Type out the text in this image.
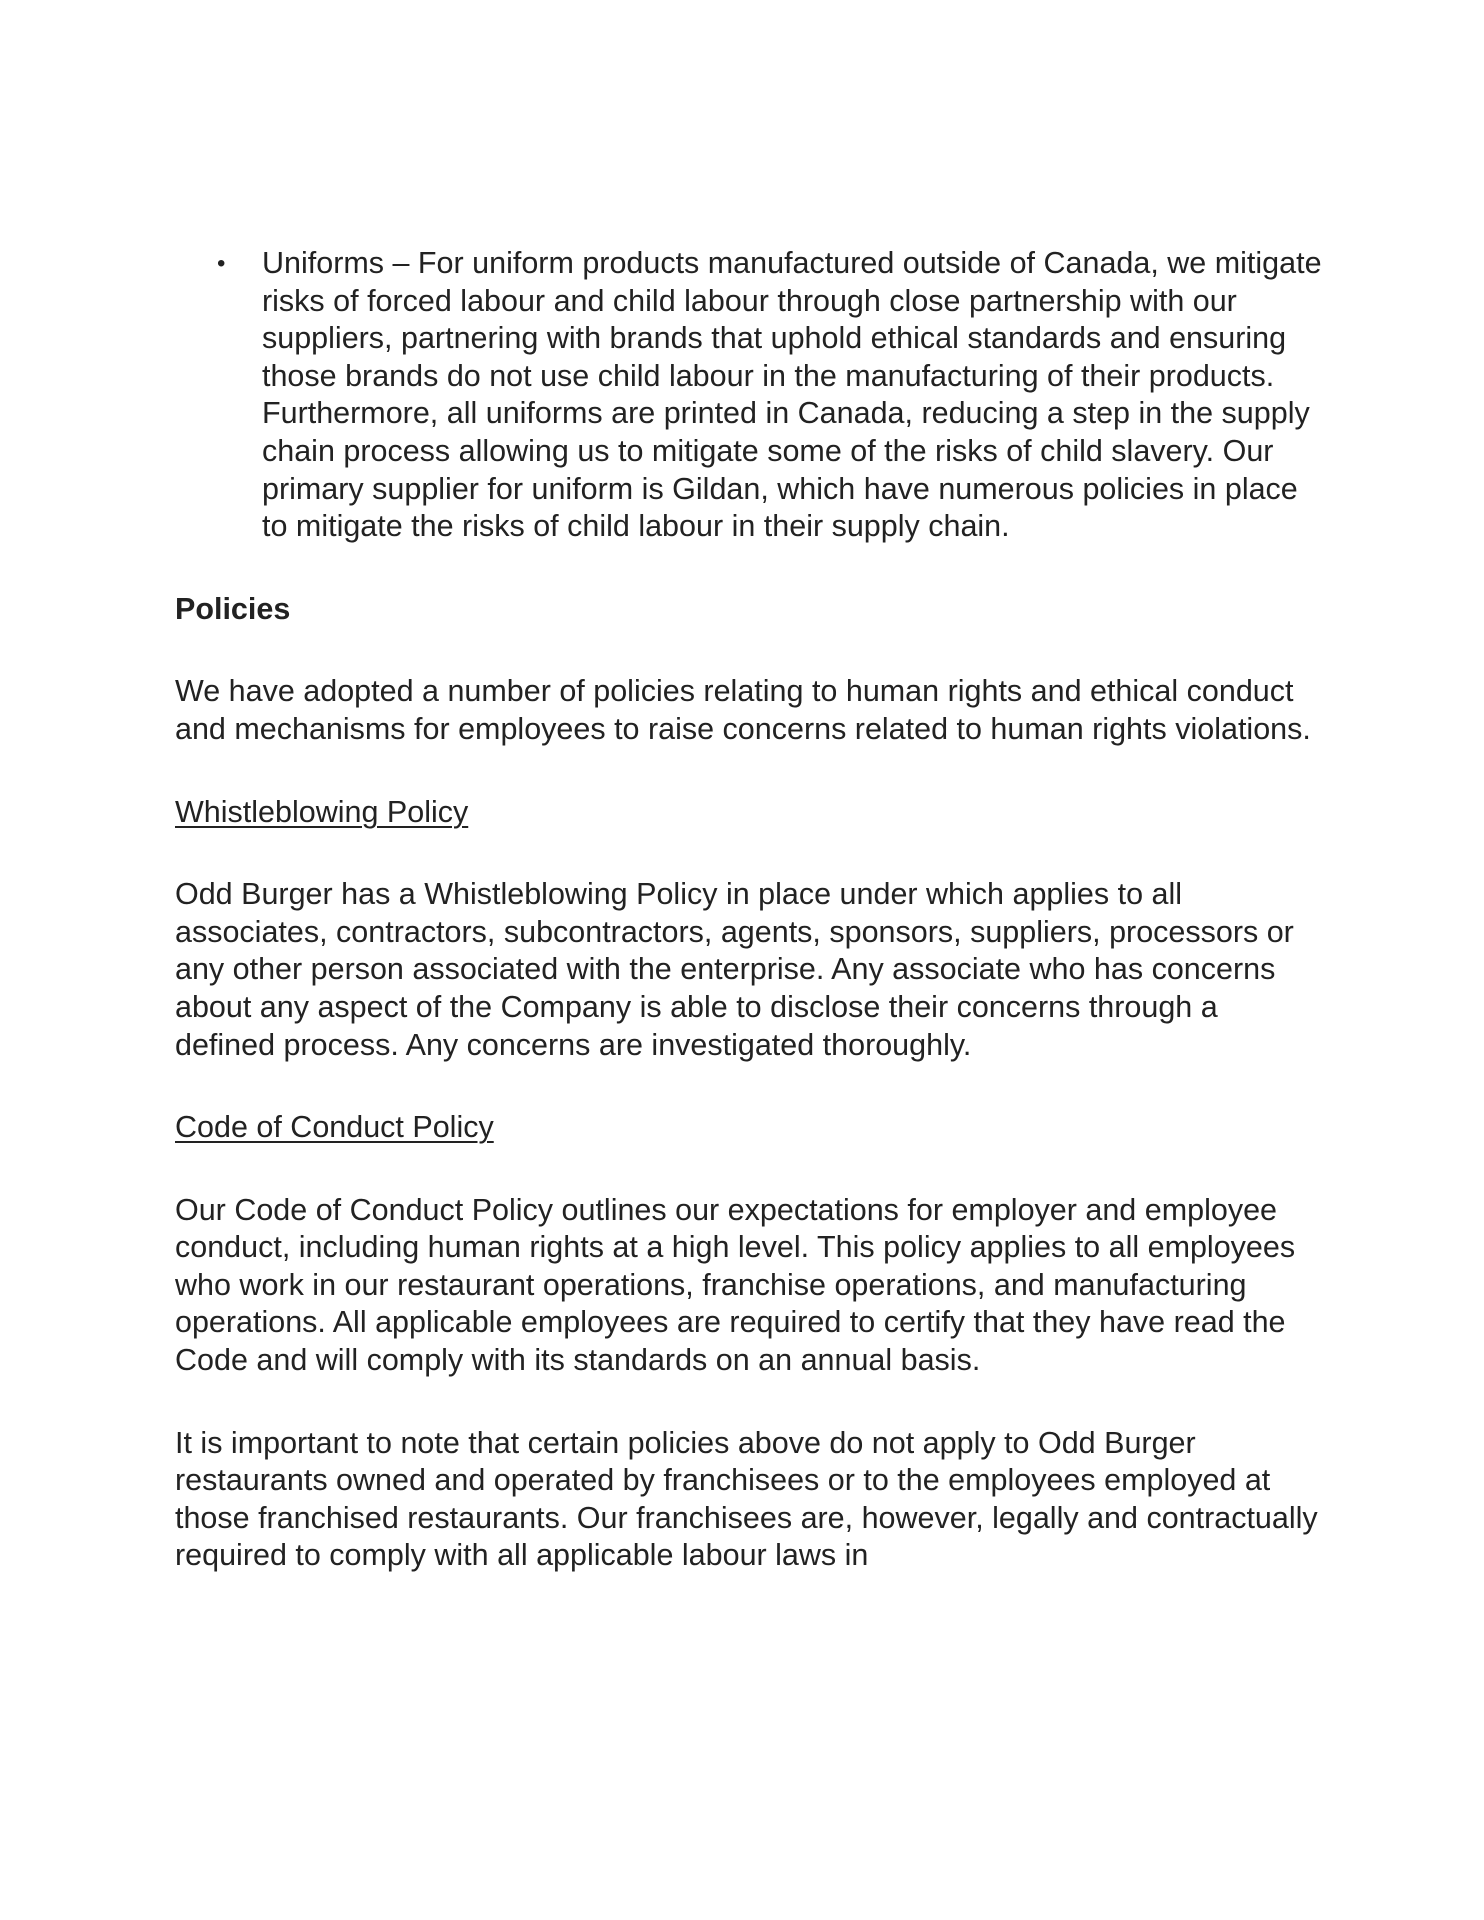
• Uniforms – For uniform products manufactured outside of Canada, we mitigate risks of forced labour and child labour through close partnership with our suppliers, partnering with brands that uphold ethical standards and ensuring those brands do not use child labour in the manufacturing of their products. Furthermore, all uniforms are printed in Canada, reducing a step in the supply chain process allowing us to mitigate some of the risks of child slavery. Our primary supplier for uniform is Gildan, which have numerous policies in place to mitigate the risks of child labour in their supply chain.

Policies

We have adopted a number of policies relating to human rights and ethical conduct and mechanisms for employees to raise concerns related to human rights violations.

Whistleblowing Policy

Odd Burger has a Whistleblowing Policy in place under which applies to all associates, contractors, subcontractors, agents, sponsors, suppliers, processors or any other person associated with the enterprise. Any associate who has concerns about any aspect of the Company is able to disclose their concerns through a defined process. Any concerns are investigated thoroughly.

Code of Conduct Policy

Our Code of Conduct Policy outlines our expectations for employer and employee conduct, including human rights at a high level. This policy applies to all employees who work in our restaurant operations, franchise operations, and manufacturing operations. All applicable employees are required to certify that they have read the Code and will comply with its standards on an annual basis.

It is important to note that certain policies above do not apply to Odd Burger restaurants owned and operated by franchisees or to the employees employed at those franchised restaurants. Our franchisees are, however, legally and contractually required to comply with all applicable labour laws in
